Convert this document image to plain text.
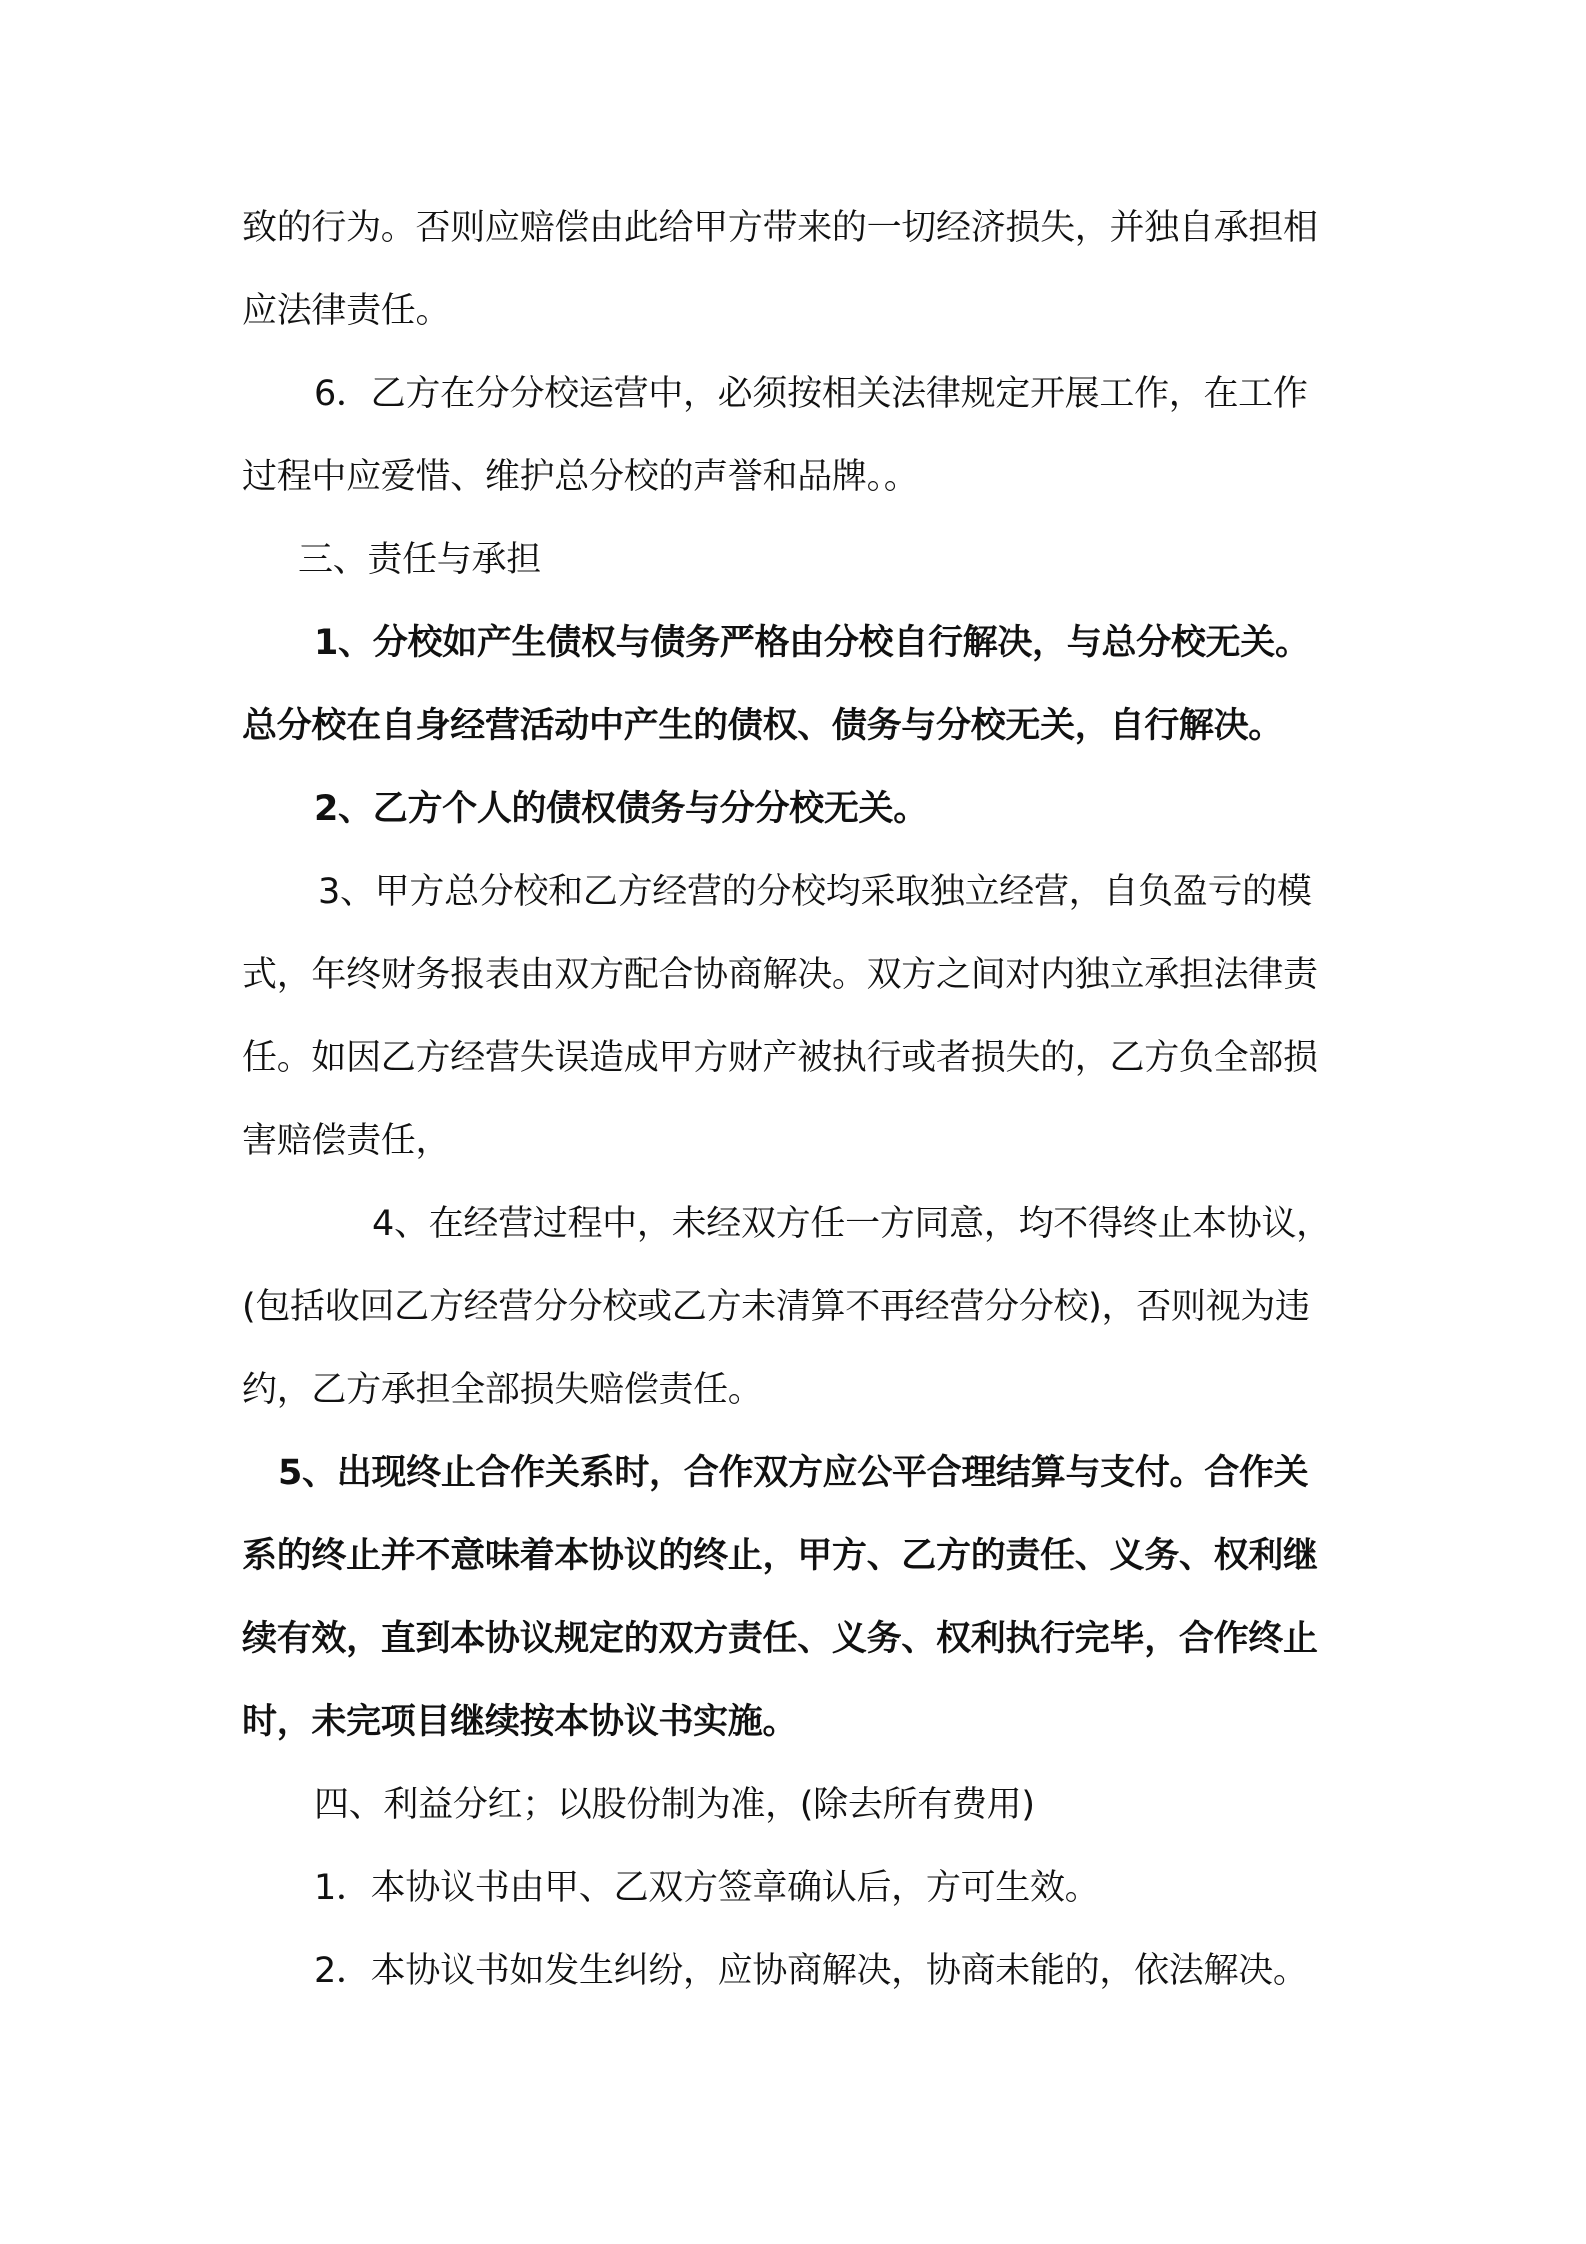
致的行为。否则应赔偿由此给甲方带来的一切经济损失，并独自承担相
应法律责任。
6．乙方在分分校运营中，必须按相关法律规定开展工作，在工作
过程中应爱惜、维护总分校的声誉和品牌。。
三、责任与承担
1、分校如产生债权与债务严格由分校自行解决，与总分校无关。
总分校在自身经营活动中产生的债权、债务与分校无关，自行解决。
2、乙方个人的债权债务与分分校无关。
3、甲方总分校和乙方经营的分校均采取独立经营，自负盈亏的模
式，年终财务报表由双方配合协商解决。双方之间对内独立承担法律责
任。如因乙方经营失误造成甲方财产被执行或者损失的，乙方负全部损
害赔偿责任，
4、在经营过程中，未经双方任一方同意，均不得终止本协议，
(包括收回乙方经营分分校或乙方未清算不再经营分分校)，否则视为违
约，乙方承担全部损失赔偿责任。
5、出现终止合作关系时，合作双方应公平合理结算与支付。合作关
系的终止并不意味着本协议的终止，甲方、乙方的责任、义务、权利继
续有效，直到本协议规定的双方责任、义务、权利执行完毕，合作终止
时，未完项目继续按本协议书实施。
四、利益分红；以股份制为准，(除去所有费用)
1．本协议书由甲、乙双方签章确认后，方可生效。
2．本协议书如发生纠纷，应协商解决，协商未能的，依法解决。
